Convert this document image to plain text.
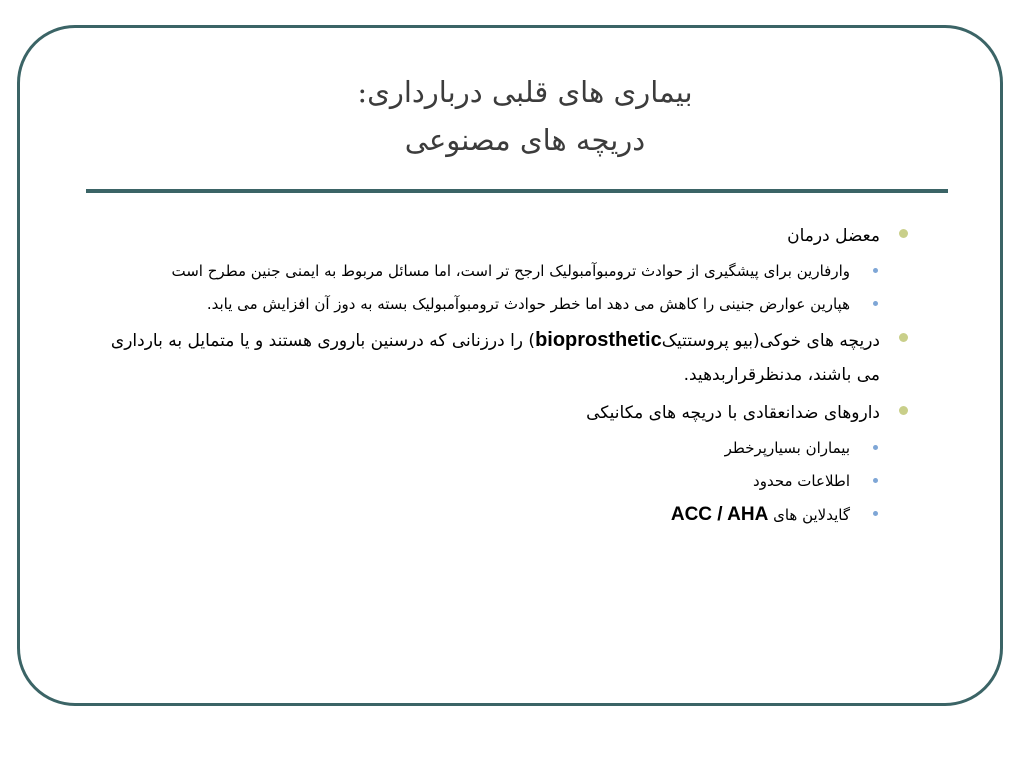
بیماری های قلبی دربارداری:
دریچه های مصنوعی
معضل درمان
وارفارین برای پیشگیری از حوادث ترومبوآمبولیک ارجح تر است، اما مسائل مربوط به ایمنی جنین مطرح است
هپارین عوارض جنینی را کاهش می دهد اما خطر حوادث ترومبوآمبولیک بسته به دوز آن افزایش می یابد.
دریچه های خوکی(بیو پروستتیکbioprosthetic) را درزنانی که درسنین باروری هستند و یا متمایل به بارداری می باشند، مدنظرقراربدهید.
داروهای ضدانعقادی با دریچه های مکانیکی
بیماران بسیارپرخطر
اطلاعات محدود
گایدلاین های ACC / AHA
